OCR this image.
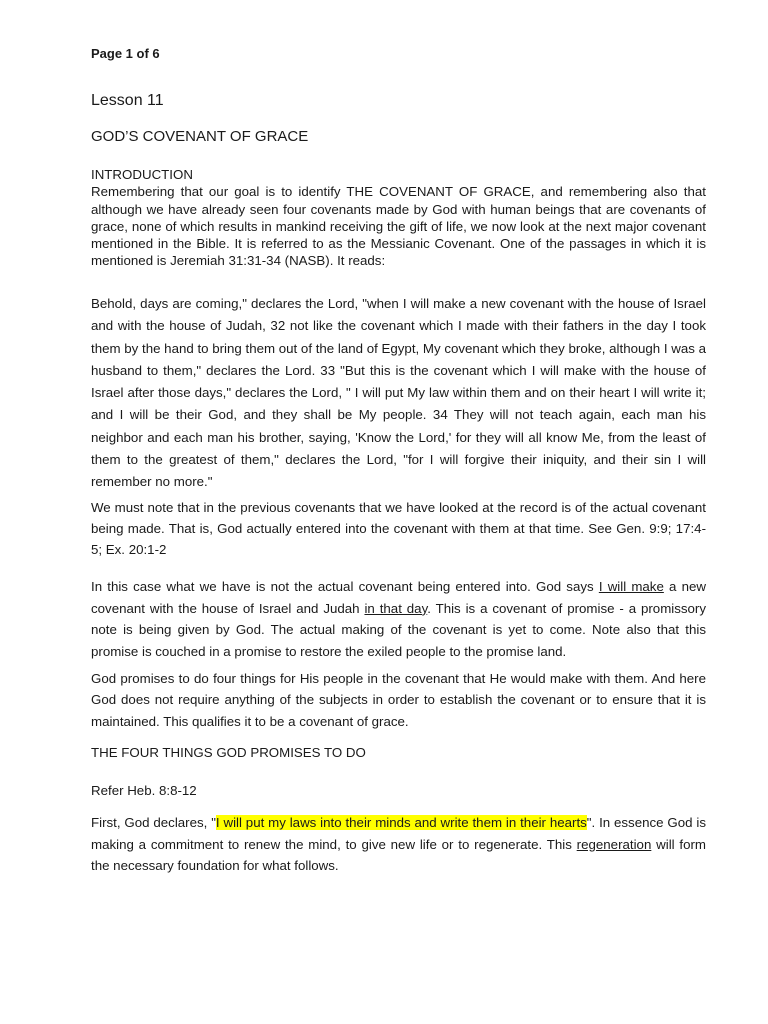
Page 1 of 6
Lesson 11
GOD’S COVENANT OF GRACE
INTRODUCTION
Remembering that our goal is to identify THE COVENANT OF GRACE, and remembering also that although we have already seen four covenants made by God with human beings that are covenants of grace, none of which results in mankind receiving the gift of life, we now look at the next major covenant mentioned in the Bible. It is referred to as the Messianic Covenant. One of the passages in which it is mentioned is Jeremiah 31:31-34 (NASB). It reads:

Behold, days are coming," declares the Lord, "when I will make a new covenant with the house of Israel and with the house of Judah, 32 not like the covenant which I made with their fathers in the day I took them by the hand to bring them out of the land of Egypt, My covenant which they broke, although I was a husband to them," declares the Lord. 33 "But this is the covenant which I will make with the house of Israel after those days," declares the Lord, " I will put My law within them and on their heart I will write it; and I will be their God, and they shall be My people. 34 They will not teach again, each man his neighbor and each man his brother, saying, 'Know the Lord,' for they will all know Me, from the least of them to the greatest of them," declares the Lord, "for I will forgive their iniquity, and their sin I will remember no more."

We must note that in the previous covenants that we have looked at the record is of the actual covenant being made. That is, God actually entered into the covenant with them at that time. See Gen. 9:9; 17:4-5; Ex. 20:1-2

In this case what we have is not the actual covenant being entered into. God says I will make a new covenant with the house of Israel and Judah in that day. This is a covenant of promise - a promissory note is being given by God. The actual making of the covenant is yet to come. Note also that this promise is couched in a promise to restore the exiled people to the promise land.

God promises to do four things for His people in the covenant that He would make with them. And here God does not require anything of the subjects in order to establish the covenant or to ensure that it is maintained. This qualifies it to be a covenant of grace.

THE FOUR THINGS GOD PROMISES TO DO
Refer Heb. 8:8-12

First, God declares, "I will put my laws into their minds and write them in their hearts". In essence God is making a commitment to renew the mind, to give new life or to regenerate. This regeneration will form the necessary foundation for what follows.
